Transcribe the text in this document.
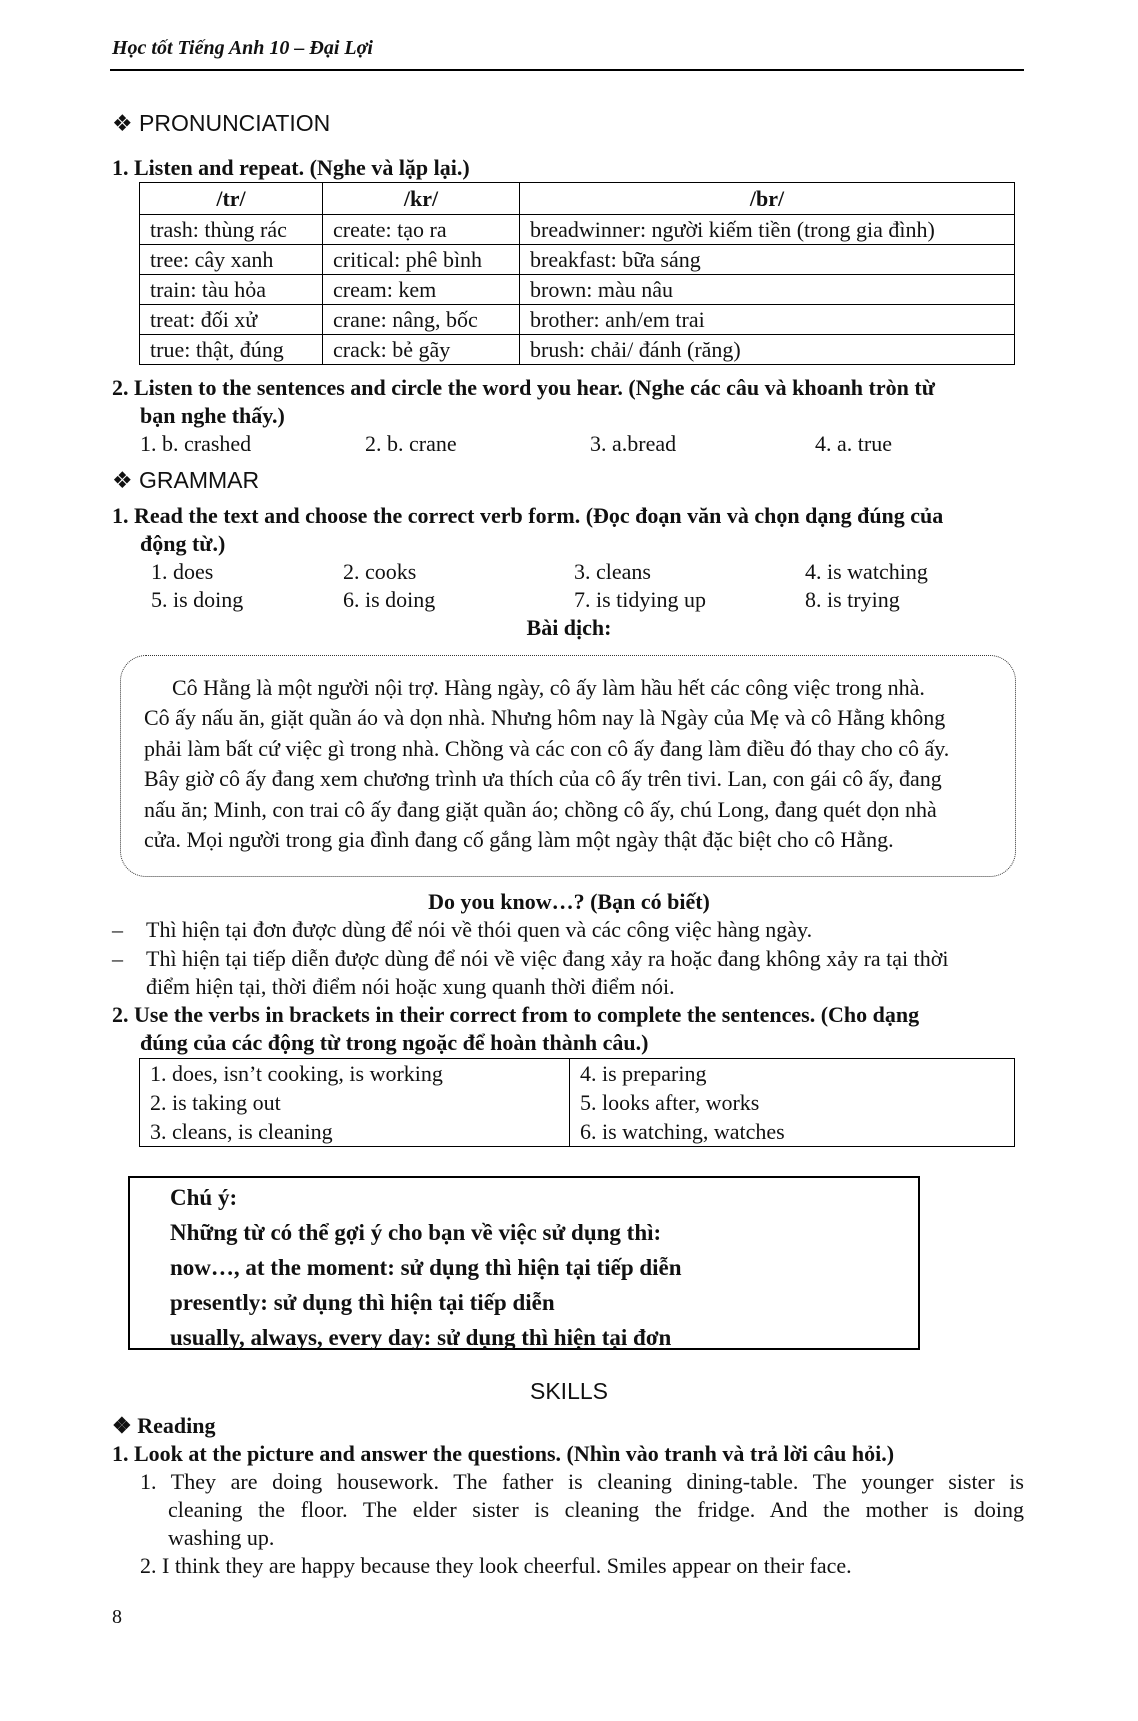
Học tốt Tiếng Anh 10 – Đại Lợi
❖ PRONUNCIATION
1. Listen and repeat. (Nghe và lặp lại.)
/tr/	/kr/	/br/
trash: thùng rác	create: tạo ra	breadwinner: người kiếm tiền (trong gia đình)
tree: cây xanh	critical: phê bình	breakfast: bữa sáng
train: tàu hỏa	cream: kem	brown: màu nâu
treat: đối xử	crane: nâng, bốc	brother: anh/em trai
true: thật, đúng	crack: bẻ gãy	brush: chải/ đánh (răng)
2. Listen to the sentences and circle the word you hear. (Nghe các câu và khoanh tròn từ
bạn nghe thấy.)
1. b. crashed	2. b. crane	3. a.bread	4. a. true
❖ GRAMMAR
1. Read the text and choose the correct verb form. (Đọc đoạn văn và chọn dạng đúng của
động từ.)
1. does	2. cooks	3. cleans	4. is watching
5. is doing	6. is doing	7. is tidying up	8. is trying
Bài dịch:
Cô Hằng là một người nội trợ. Hàng ngày, cô ấy làm hầu hết các công việc trong nhà.
Cô ấy nấu ăn, giặt quần áo và dọn nhà. Nhưng hôm nay là Ngày của Mẹ và cô Hằng không
phải làm bất cứ việc gì trong nhà. Chồng và các con cô ấy đang làm điều đó thay cho cô ấy.
Bây giờ cô ấy đang xem chương trình ưa thích của cô ấy trên tivi. Lan, con gái cô ấy, đang
nấu ăn; Minh, con trai cô ấy đang giặt quần áo; chồng cô ấy, chú Long, đang quét dọn nhà
cửa. Mọi người trong gia đình đang cố gắng làm một ngày thật đặc biệt cho cô Hằng.
Do you know…? (Bạn có biết)
– Thì hiện tại đơn được dùng để nói về thói quen và các công việc hàng ngày.
– Thì hiện tại tiếp diễn được dùng để nói về việc đang xảy ra hoặc đang không xảy ra tại thời
điểm hiện tại, thời điểm nói hoặc xung quanh thời điểm nói.
2. Use the verbs in brackets in their correct from to complete the sentences. (Cho dạng
đúng của các động từ trong ngoặc để hoàn thành câu.)
1. does, isn’t cooking, is working	4. is preparing
2. is taking out	5. looks after, works
3. cleans, is cleaning	6. is watching, watches
Chú ý:
Những từ có thể gợi ý cho bạn về việc sử dụng thì:
now…, at the moment: sử dụng thì hiện tại tiếp diễn
presently: sử dụng thì hiện tại tiếp diễn
usually, always, every day: sử dụng thì hiện tại đơn
SKILLS
❖ Reading
1. Look at the picture and answer the questions. (Nhìn vào tranh và trả lời câu hỏi.)
1. They are doing housework. The father is cleaning dining-table. The younger sister is
cleaning the floor. The elder sister is cleaning the fridge. And the mother is doing
washing up.
2. I think they are happy because they look cheerful. Smiles appear on their face.
8
